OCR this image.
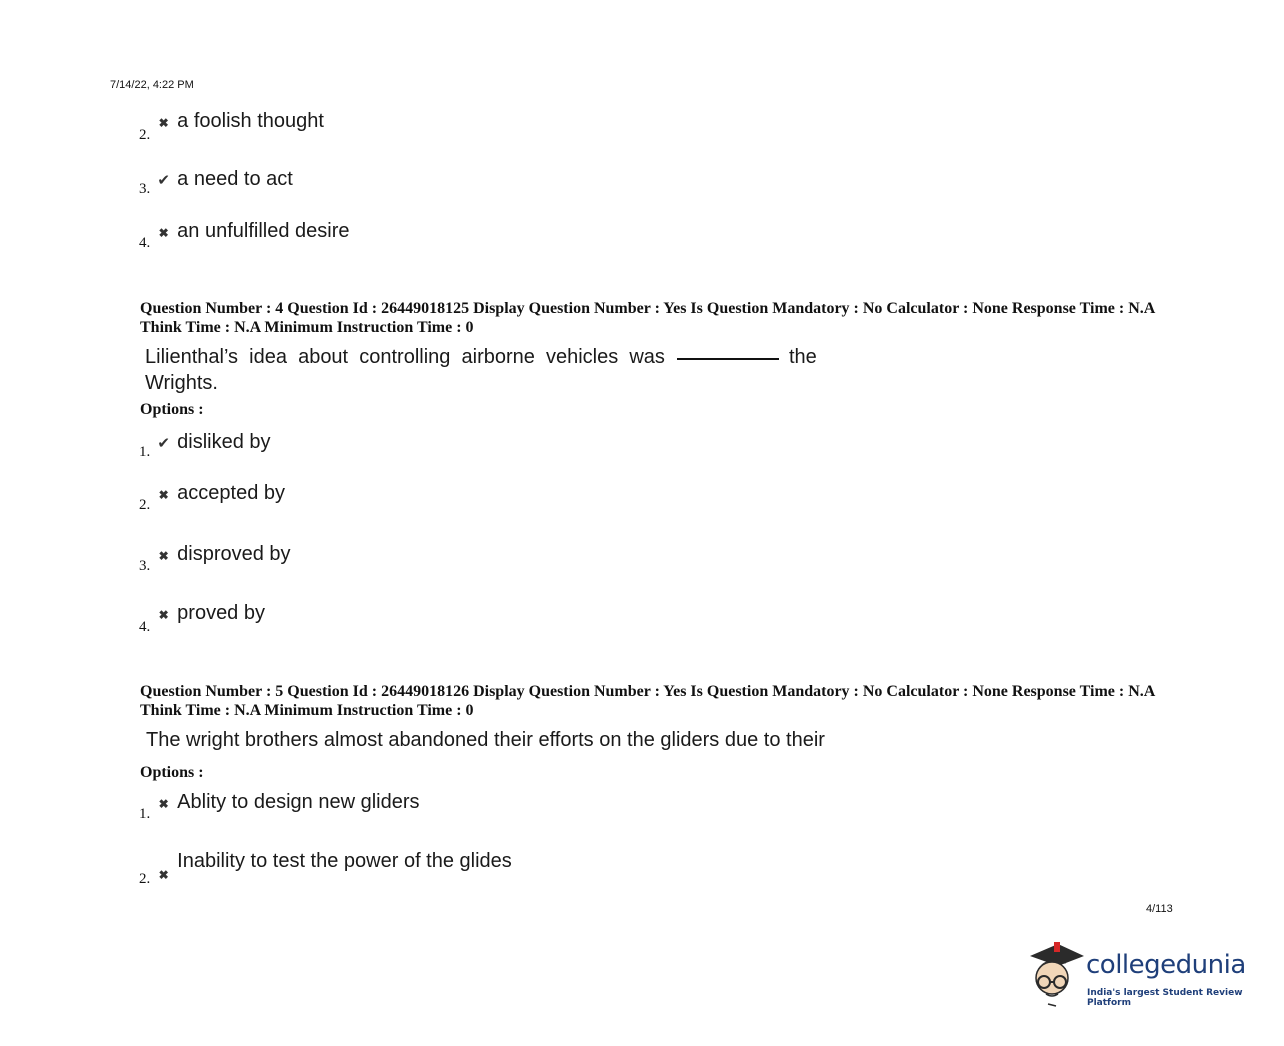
7/14/22, 4:22 PM
2. ✖ a foolish thought
3. ✔ a need to act
4. ✖ an unfulfilled desire
Question Number : 4 Question Id : 26449018125 Display Question Number : Yes Is Question Mandatory : No Calculator : None Response Time : N.A Think Time : N.A Minimum Instruction Time : 0
Lilienthal’s  idea  about  controlling  airborne  vehicles  was	the
Wrights.
Options :
1. ✔ disliked by
2. ✖ accepted by
3. ✖ disproved by
4. ✖ proved by
Question Number : 5 Question Id : 26449018126 Display Question Number : Yes Is Question Mandatory : No Calculator : None Response Time : N.A Think Time : N.A Minimum Instruction Time : 0
The wright brothers almost abandoned their efforts on the gliders due to their
Options :
1. ✖ Ablity to design new gliders
2. ✖ Inability to test the power of the glides
4/113
collegedunia
India's largest Student Review Platform
